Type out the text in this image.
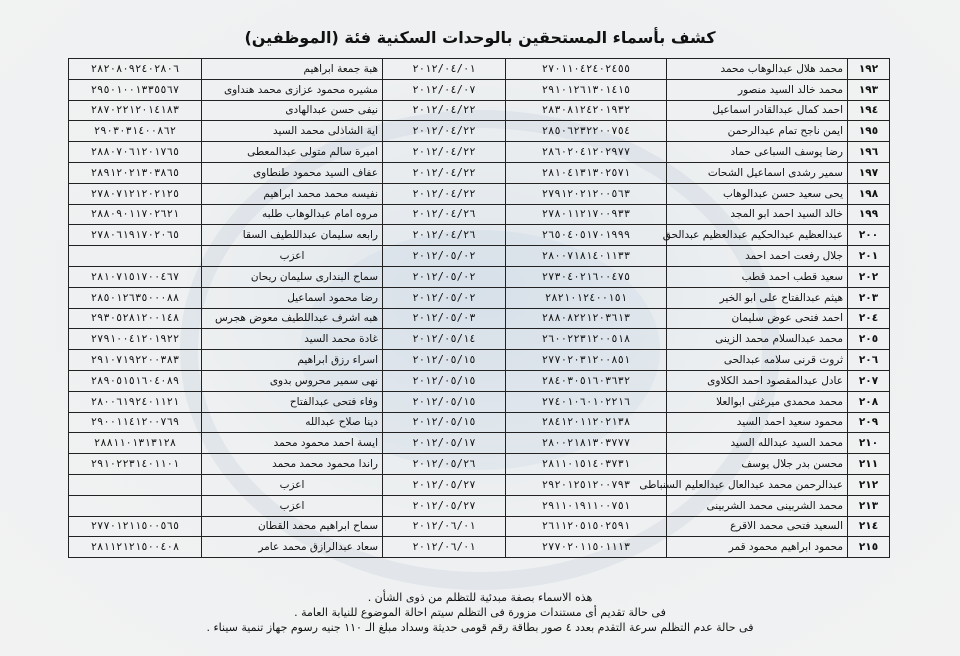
كشف بأسماء المستحقين بالوحدات السكنية فئة (الموظفين)
١٩٢	محمد هلال عبدالوهاب محمد	٢٧٠١١٠٤٢٤٠٢٤٥٥	٢٠١٢/٠٤/٠١	هبة جمعة ابراهيم	٢٨٢٠٨٠٩٢٤٠٢٨٠٦
١٩٣	محمد خالد السيد منصور	٢٩١٠١٢٦١٣٠١٤١٥	٢٠١٢/٠٤/٠٧	مشيره محمود عزازى محمد هنداوى	٢٩٥٠١٠٠١٣٣٥٥٦٧
١٩٤	احمد كمال عبدالقادر اسماعيل	٢٨٣٠٨١٢٤٢٠١٩٣٢	٢٠١٢/٠٤/٢٢	نيفى حسن عبدالهادى	٢٨٧٠٢٢١٢٠١٤١٨٣
١٩٥	ايمن ناجح تمام عبدالرحمن	٢٨٥٠٦٢٣٢٢٠٠٧٥٤	٢٠١٢/٠٤/٢٢	اية الشاذلى محمد السيد	٢٩٠٣٠٣١٤٠٠٨٦٢
١٩٦	رضا يوسف السباعى حماد	٢٨٦٠٢٠٤١٢٠٢٩٧٧	٢٠١٢/٠٤/٢٢	اميرة سالم متولى عبدالمعطى	٢٨٨٠٧٠٦١٢٠١٧٦٥
١٩٧	سمير رشدى اسماعيل الشحات	٢٨١٠٤١٣١٣٠٢٥٧١	٢٠١٢/٠٤/٢٢	عفاف السيد محمود طنطاوى	٢٨٩١٢٠٢١٣٠٣٨٦٥
١٩٨	يحى سعيد حسن عبدالوهاب	٢٧٩١٢٠٢١٢٠٠٥٦٣	٢٠١٢/٠٤/٢٢	نفيسه محمد محمد ابراهيم	٢٧٨٠٧١٢١٢٠٢١٢٥
١٩٩	خالد السيد احمد ابو المجد	٢٧٨٠١١٢١٧٠٠٩٣٣	٢٠١٢/٠٤/٢٦	مروه امام عبدالوهاب طلبه	٢٨٨٠٩٠١١٧٠٢٦٢١
٢٠٠	عبدالعظيم عبدالحكيم عبدالعظيم عبدالحق	٢٦٥٠٤٠٥١٧٠١٩٩٩	٢٠١٢/٠٤/٢٦	رابعه سليمان عبداللطيف السقا	٢٧٨٠٦١٩١٧٠٢٠٦٥
٢٠١	جلال رفعت احمد احمد	٢٨٠٠٧١٨١٤٠١١٣٣	٢٠١٢/٠٥/٠٢	اعزب	
٢٠٢	سعيد قطب احمد قطب	٢٧٣٠٤٠٢١٦٠٠٤٧٥	٢٠١٢/٠٥/٠٢	سماح البندارى سليمان ريحان	٢٨١٠٧١٥١٧٠٠٤٦٧
٢٠٣	هيثم عبدالفتاح على ابو الخير	٢٨٢١٠١٢٤٠٠١٥١	٢٠١٢/٠٥/٠٢	رضا محمود اسماعيل	٢٨٥٠١٢٦٣٥٠٠٠٨٨
٢٠٤	احمد فتحى عوض سليمان	٢٨٨٠٨٢٢١٢٠٣٦١٣	٢٠١٢/٠٥/٠٣	هبه اشرف عبداللطيف معوض هجرس	٢٩٣٠٥٢٨١٢٠٠١٤٨
٢٠٥	محمد عبدالسلام محمد الزينى	٢٦٠٠٢٢٣١٢٠٠٥١٨	٢٠١٢/٠٥/١٤	غادة محمد السيد	٢٧٩١٠٠٤١٢٠١٩٢٢
٢٠٦	ثروت قرنى سلامه عبدالحى	٢٧٧٠٢٠٣١٢٠٠٨٥١	٢٠١٢/٠٥/١٥	اسراء رزق ابراهيم	٢٩١٠٧١٩٢٢٠٠٣٨٣
٢٠٧	عادل عبدالمقصود احمد الكلاوى	٢٨٤٠٣٠٥١٦٠٣٦٣٢	٢٠١٢/٠٥/١٥	نهى سمير محروس بدوى	٢٨٩٠٥١٥١٦٠٤٠٨٩
٢٠٨	محمد محمدى ميرغنى ابوالعلا	٢٧٤٠١٠٦٠١٠٢٢١٦	٢٠١٢/٠٥/١٥	وفاء فتحى عبدالفتاح	٢٨٠٠٦١٩٢٤٠١١٢١
٢٠٩	محمود سعيد احمد السيد	٢٨٤١٢٠١١٢٠٢١٣٨	٢٠١٢/٠٥/١٥	دينا صلاح عبدالله	٢٩٠٠١١٤١٢٠٠٧٦٩
٢١٠	محمد السيد عبدالله السيد	٢٨٠٠٢١٨١٣٠٣٧٧٧	٢٠١٢/٠٥/١٧	ايسة احمد محمود محمد	٢٨٨١١٠١٣١٣١٢٨
٢١١	محسن بدر جلال يوسف	٢٨١١٠١٥١٤٠٣٧٣١	٢٠١٢/٠٥/٢٦	راندا محمود محمد محمد	٢٩١٠٢٢٣١٤٠١١٠١
٢١٢	عبدالرحمن محمد عبدالعال عبدالعليم السنباطى	٢٩٢٠١٢٥١٢٠٠٧٩٣	٢٠١٢/٠٥/٢٧	اعزب	
٢١٣	محمد الشربينى محمد الشربينى	٢٩١١٠١٩١١٠٠٧٥١	٢٠١٢/٠٥/٢٧	اعزب	
٢١٤	السعيد فتحى محمد الاقرع	٢٦١١٢٠٥١٥٠٢٥٩١	٢٠١٢/٠٦/٠١	سماح ابراهيم محمد القطان	٢٧٧٠١٢١١٥٠٠٥٦٥
٢١٥	محمود ابراهيم محمود قمر	٢٧٧٠٢٠١١٥٠١١١٣	٢٠١٢/٠٦/٠١	سعاد عبدالرازق محمد عامر	٢٨١١٢١٢١٥٠٠٤٠٨
هذه الاسماء بصفة مبدئية للتظلم من ذوى الشأن .
فى حالة تقديم أى مستندات مزورة فى التظلم سيتم احالة الموضوع للنيابة العامة .
فى حالة عدم التظلم سرعة التقدم بعدد ٤ صور بطاقة رقم قومى حديثة وسداد مبلغ الـ ١١٠ جنيه رسوم جهاز تنمية سيناء .
